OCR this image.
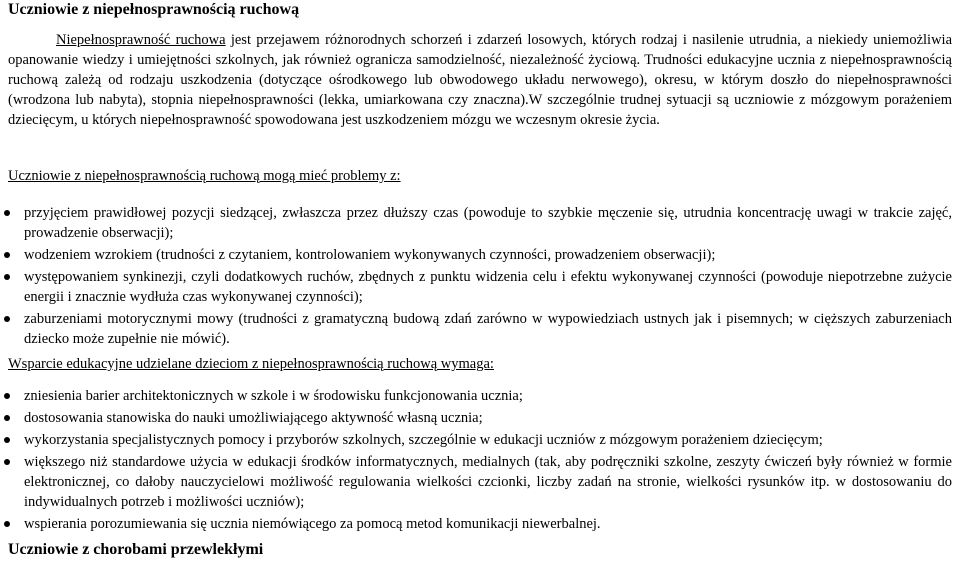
Uczniowie z niepełnosprawnością ruchową

Niepełnosprawność ruchowa jest przejawem różnorodnych schorzeń i zdarzeń losowych, których rodzaj i nasilenie utrudnia, a niekiedy uniemożliwia opanowanie wiedzy i umiejętności szkolnych, jak również ogranicza samodzielność, niezależność życiową. Trudności edukacyjne ucznia z niepełnosprawnością ruchową zależą od rodzaju uszkodzenia (dotyczące ośrodkowego lub obwodowego układu nerwowego), okresu, w którym doszło do niepełnosprawności (wrodzona lub nabyta), stopnia niepełnosprawności (lekka, umiarkowana czy znaczna).W szczególnie trudnej sytuacji są uczniowie z mózgowym porażeniem dziecięcym, u których niepełnosprawność spowodowana jest uszkodzeniem mózgu we wczesnym okresie życia.

Uczniowie z niepełnosprawnością ruchową mogą mieć problemy z:

przyjęciem prawidłowej pozycji siedzącej, zwłaszcza przez dłuższy czas (powoduje to szybkie męczenie się, utrudnia koncentrację uwagi w trakcie zajęć, prowadzenie obserwacji);
wodzeniem wzrokiem (trudności z czytaniem, kontrolowaniem wykonywanych czynności, prowadzeniem obserwacji);
występowaniem synkinezji, czyli dodatkowych ruchów, zbędnych z punktu widzenia celu i efektu wykonywanej czynności (powoduje niepotrzebne zużycie energii i znacznie wydłuża czas wykonywanej czynności);
zaburzeniami motorycznymi mowy (trudności z gramatyczną budową zdań zarówno w wypowiedziach ustnych jak i pisemnych; w cięższych zaburzeniach dziecko może zupełnie nie mówić).

Wsparcie edukacyjne udzielane dzieciom z niepełnosprawnością ruchową wymaga:

zniesienia barier architektonicznych w szkole i w środowisku funkcjonowania ucznia;
dostosowania stanowiska do nauki umożliwiającego aktywność własną ucznia;
wykorzystania specjalistycznych pomocy i przyborów szkolnych, szczególnie w edukacji uczniów z mózgowym porażeniem dziecięcym;
większego niż standardowe użycia w edukacji środków informatycznych, medialnych (tak, aby podręczniki szkolne, zeszyty ćwiczeń były również w formie elektronicznej, co dałoby nauczycielowi możliwość regulowania wielkości czcionki, liczby zadań na stronie, wielkości rysunków itp. w dostosowaniu do indywidualnych potrzeb i możliwości uczniów);
wspierania porozumiewania się ucznia niemówiącego za pomocą metod komunikacji niewerbalnej.
Uczniowie z chorobami przewlekłymi
